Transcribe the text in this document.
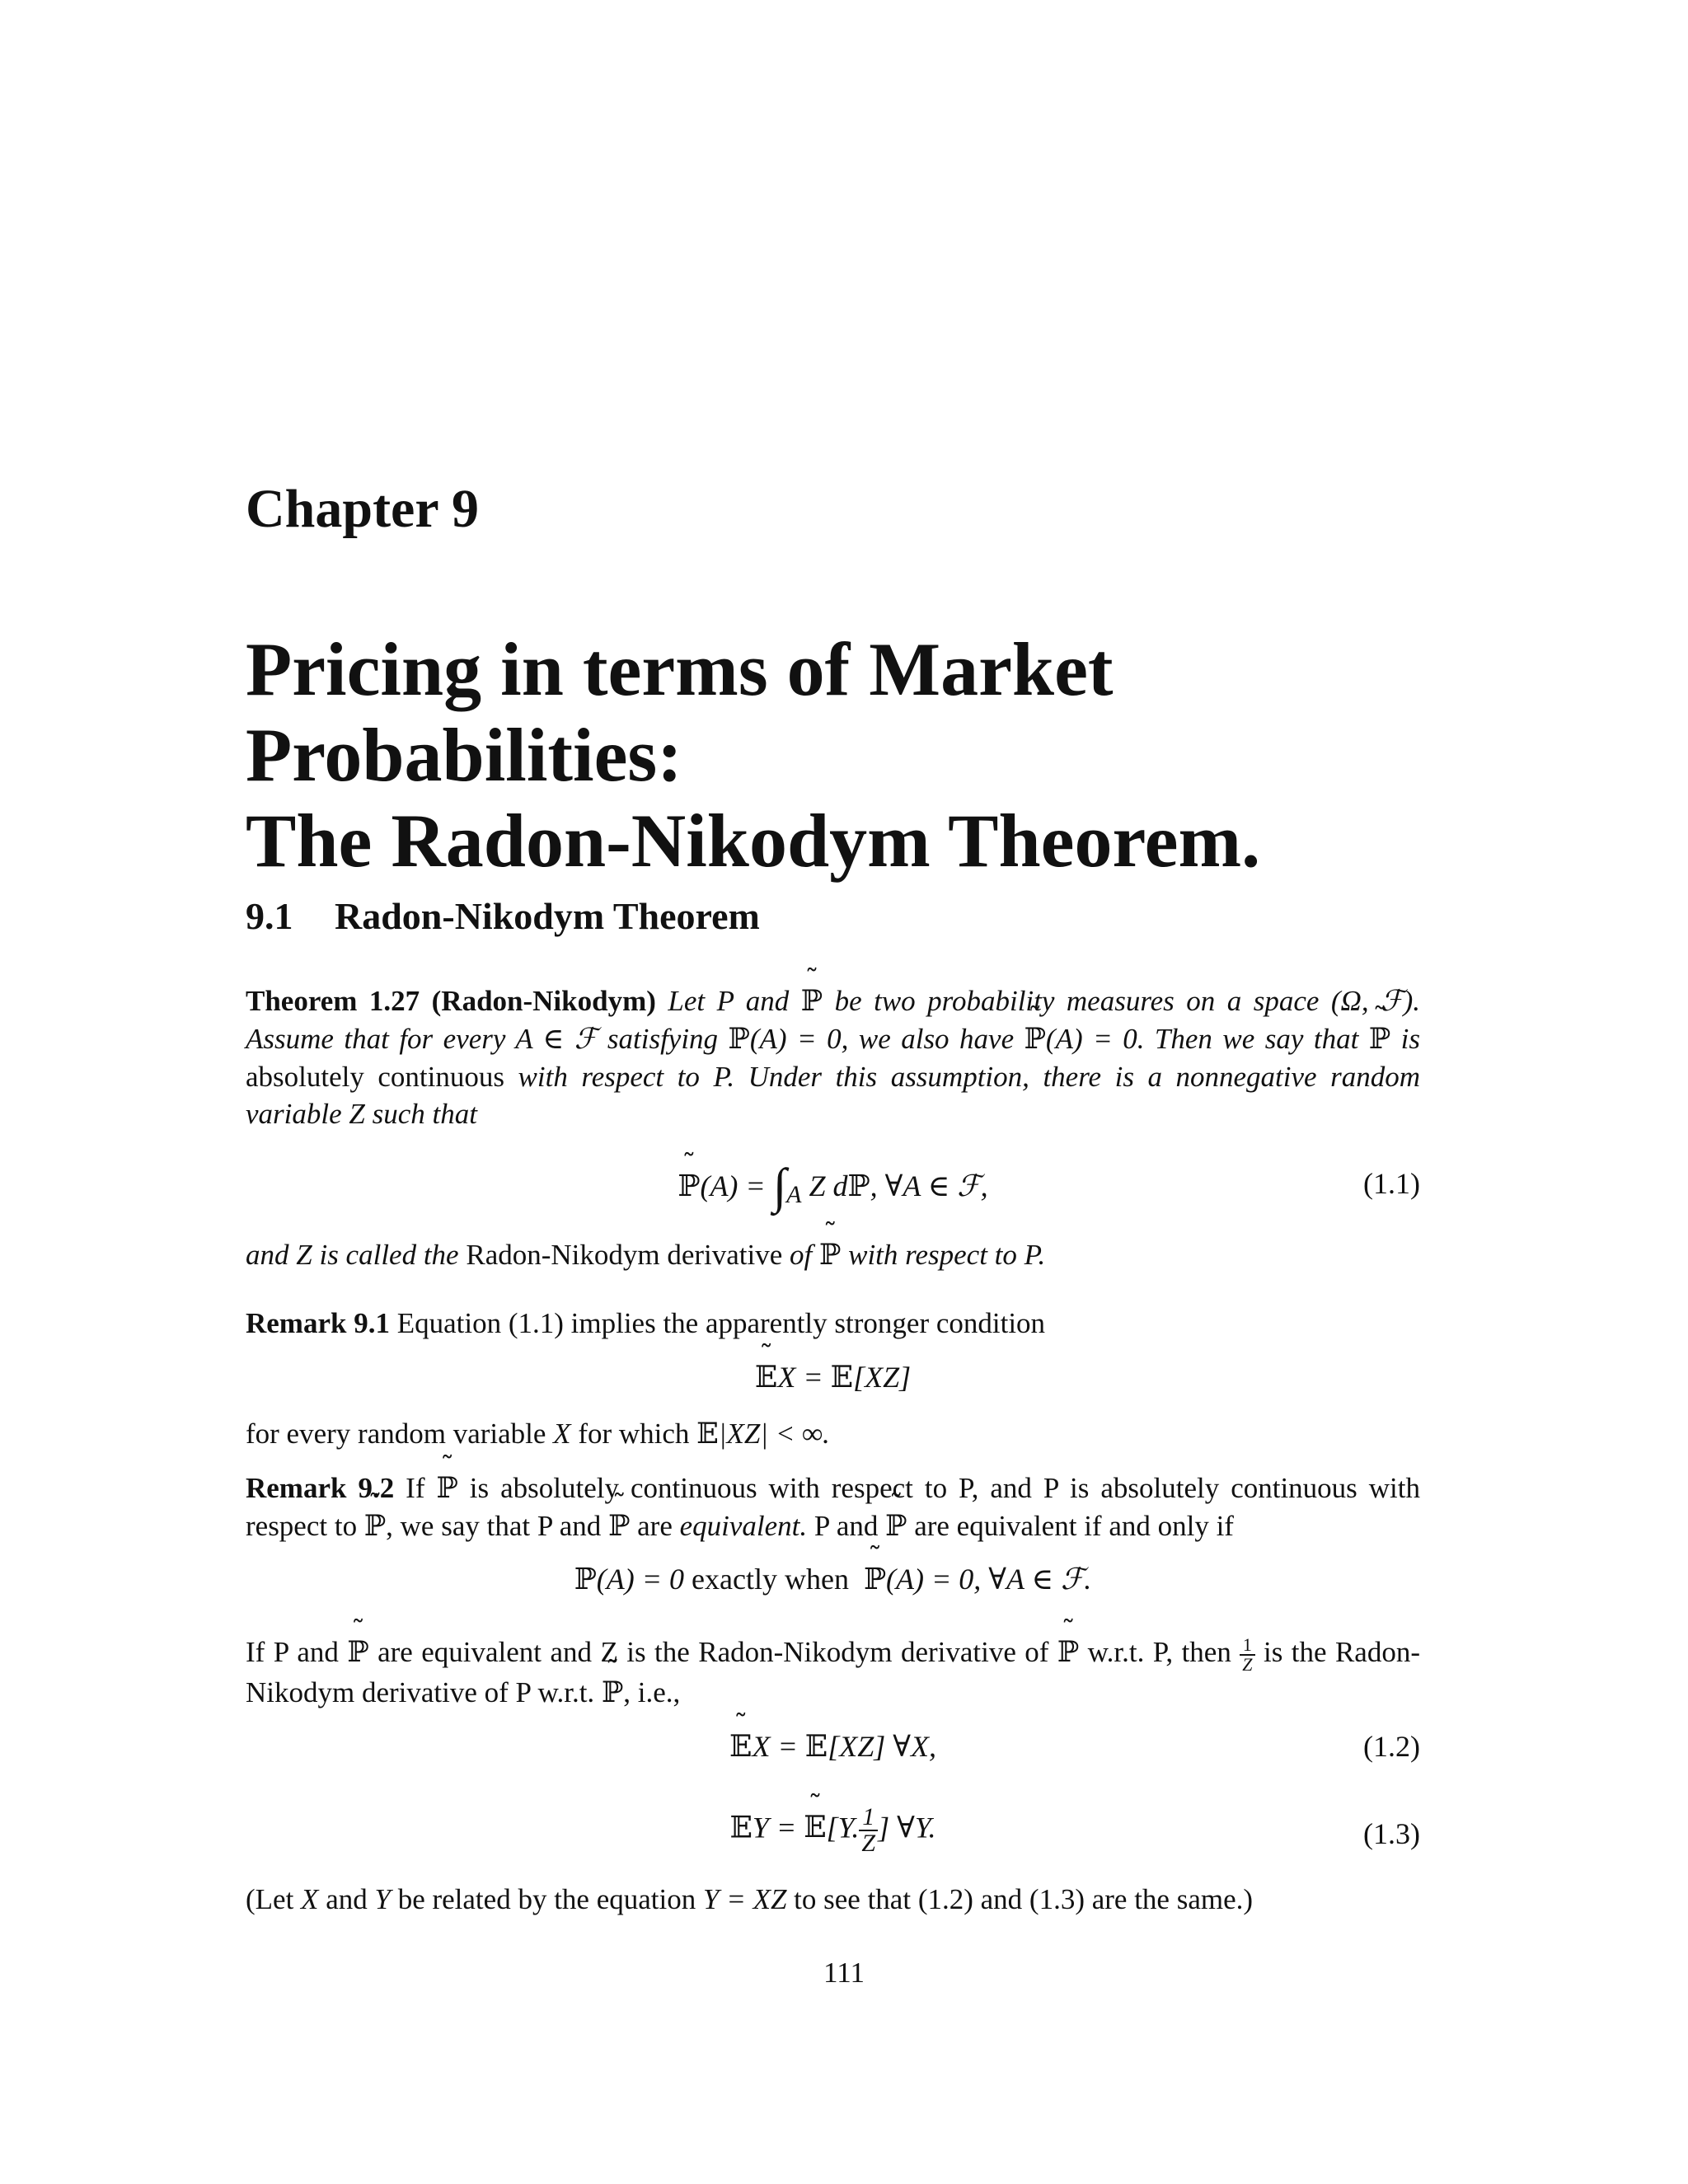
Chapter 9
Pricing in terms of Market Probabilities:
The Radon-Nikodym Theorem.
9.1 Radon-Nikodym Theorem
Theorem 1.27 (Radon-Nikodym) Let P and ˜ ℙ be two probability measures on a space (Ω, ℱ). Assume that for every A ∈ ℱ satisfying ℙ(A) = 0, we also have ˜ ℙ(A) = 0. Then we say that ˜ ℙ is absolutely continuous with respect to P. Under this assumption, there is a nonnegative random variable Z such that
˜ ℙ(A) = $\int_A$ Z dℙ, ∀A ∈ ℱ,	(1.1)
and Z is called the Radon-Nikodym derivative of ˜ ℙ with respect to P.
Remark 9.1 Equation (1.1) implies the apparently stronger condition
˜ 𝔼X = 𝔼[XZ]
for every random variable X for which 𝔼|XZ| < ∞.
Remark 9.2 If ˜ ℙ is absolutely continuous with respect to P, and P is absolutely continuous with respect to ˜ ℙ, we say that P and ˜ ℙ are equivalent. P and ˜ ℙ are equivalent if and only if
ℙ(A) = 0 exactly when  ˜ ℙ(A) = 0, ∀A ∈ ℱ.
If P and ˜ ℙ are equivalent and Z is the Radon-Nikodym derivative of ˜ ℙ w.r.t. P, then $\frac{1}{Z}$ is the Radon-Nikodym derivative of P w.r.t. ˜ ℙ, i.e.,
˜ 𝔼X = 𝔼[XZ] ∀X,	(1.2)
𝔼Y = ˜ 𝔼[Y. $\frac{1}{Z}$ ] ∀Y.	(1.3)
(Let X and Y be related by the equation Y = XZ to see that (1.2) and (1.3) are the same.)
111
